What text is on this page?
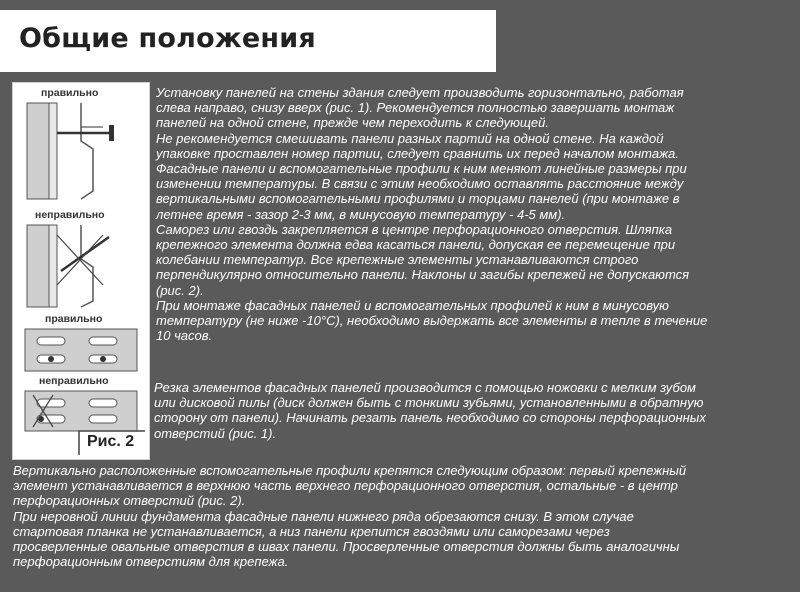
Общие положения
правильно
неправильно
правильно
неправильно
Рис. 2

Установку панелей на стены здания следует производить горизонтально, работая
слева направо, снизу вверх (рис. 1). Рекомендуется полностью завершать монтаж
панелей на одной стене, прежде чем переходить к следующей.
Не рекомендуется смешивать панели разных партий на одной стене. На каждой
упаковке проставлен номер партии, следует сравнить их перед началом монтажа.
Фасадные панели и вспомогательные профили к ним меняют линейные размеры при
изменении температуры. В связи с этим необходимо оставлять расстояние между
вертикальными вспомогательными профилями и торцами панелей (при монтаже в
летнее время - зазор 2-3 мм, в минусовую температуру - 4-5 мм).
Саморез или гвоздь закрепляется в центре перфорационного отверстия. Шляпка
крепежного элемента должна едва касаться панели, допуская ее перемещение при
колебании температур. Все крепежные элементы устанавливаются строго
перпендикулярно относительно панели. Наклоны и загибы крепежей не допускаются
(рис. 2).
При монтаже фасадных панелей и вспомогательных профилей к ним в минусовую
температуру (не ниже -10°С), необходимо выдержать все элементы в тепле в течение
10 часов.

Резка элементов фасадных панелей производится с помощью ножовки с мелким зубом
или дисковой пилы (диск должен быть с тонкими зубьями, установленными в обратную
сторону от панели). Начинать резать панель необходимо со стороны перфорационных
отверстий (рис. 1).

Вертикально расположенные вспомогательные профили крепятся следующим образом: первый крепежный
элемент устанавливается в верхнюю часть верхнего перфорационного отверстия, остальные - в центр
перфорационных отверстий (рис. 2).
При неровной линии фундамента фасадные панели нижнего ряда обрезаются снизу. В этом случае
стартовая планка не устанавливается, а низ панели крепится гвоздями или саморезами через
просверленные овальные отверстия в швах панели. Просверленные отверстия должны быть аналогичны
перфорационным отверстиям для крепежа.
